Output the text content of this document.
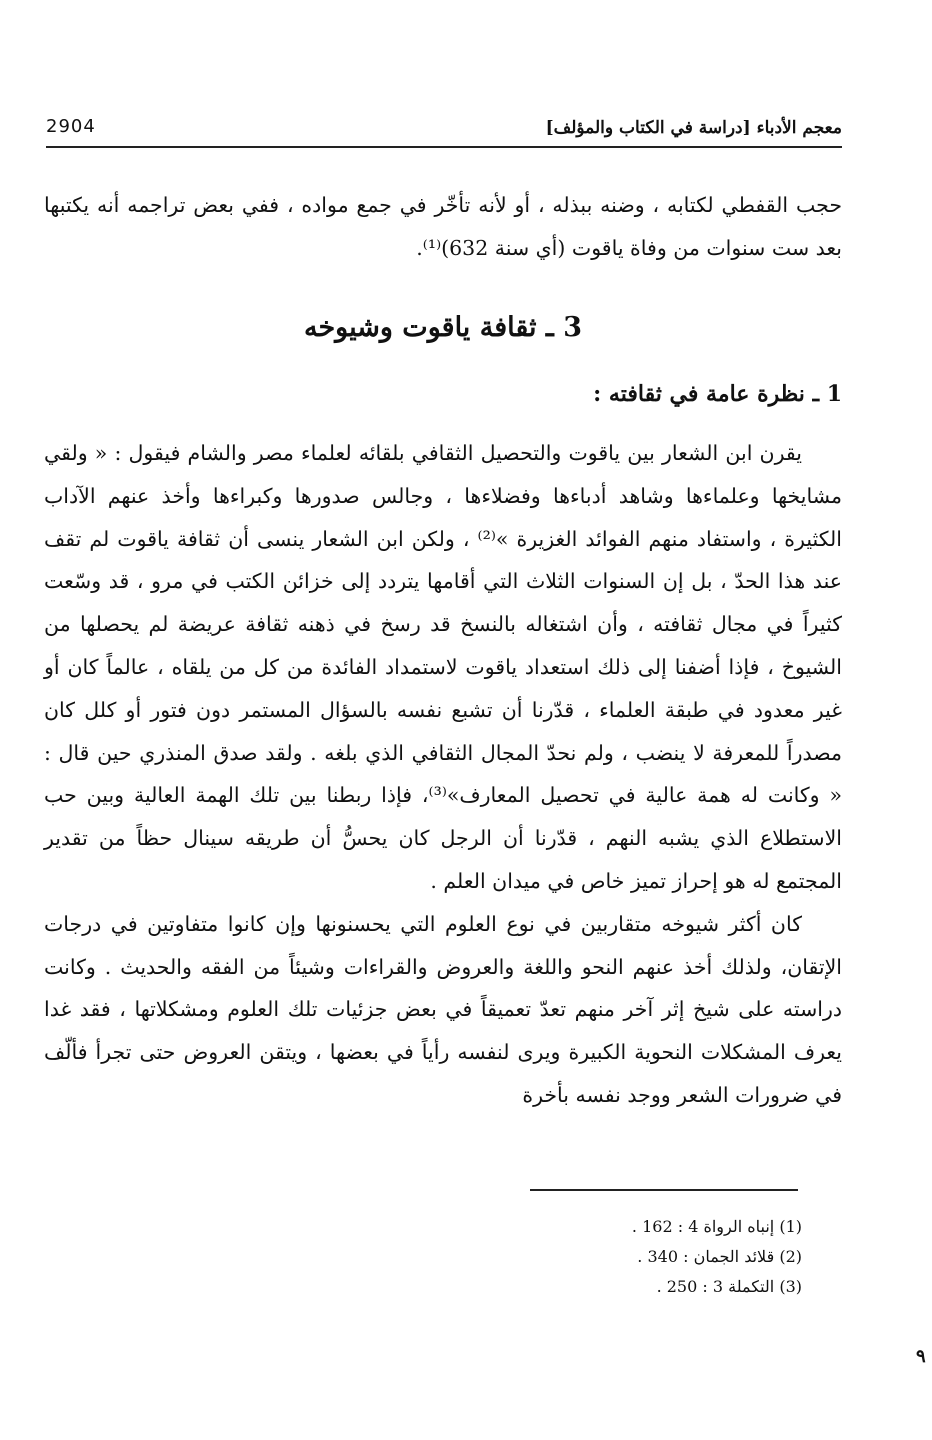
2904	معجم الأدباء [دراسة في الكتاب والمؤلف]

حجب القفطي لكتابه ، وضنه ببذله ، أو لأنه تأخّر في جمع مواده ، ففي بعض تراجمه أنه يكتبها بعد ست سنوات من وفاة ياقوت (أي سنة 632)⁽¹⁾.

3 ـ ثقافة ياقوت وشيوخه
1 ـ نظرة عامة في ثقافته :

يقرن ابن الشعار بين ياقوت والتحصيل الثقافي بلقائه لعلماء مصر والشام فيقول : « ولقي مشايخها وعلماءها وشاهد أدباءها وفضلاءها ، وجالس صدورها وكبراءها وأخذ عنهم الآداب الكثيرة ، واستفاد منهم الفوائد الغزيرة »⁽²⁾ ، ولكن ابن الشعار ينسى أن ثقافة ياقوت لم تقف عند هذا الحدّ ، بل إن السنوات الثلاث التي أقامها يتردد إلى خزائن الكتب في مرو ، قد وسّعت كثيراً في مجال ثقافته ، وأن اشتغاله بالنسخ قد رسخ في ذهنه ثقافة عريضة لم يحصلها من الشيوخ ، فإذا أضفنا إلى ذلك استعداد ياقوت لاستمداد الفائدة من كل من يلقاه ، عالماً كان أو غير معدود في طبقة العلماء ، قدّرنا أن تشبع نفسه بالسؤال المستمر دون فتور أو كلل كان مصدراً للمعرفة لا ينضب ، ولم نحدّ المجال الثقافي الذي بلغه . ولقد صدق المنذري حين قال : « وكانت له همة عالية في تحصيل المعارف»⁽³⁾، فإذا ربطنا بين تلك الهمة العالية وبين حب الاستطلاع الذي يشبه النهم ، قدّرنا أن الرجل كان يحسُّ أن طريقه سينال حظاً من تقدير المجتمع له هو إحراز تميز خاص في ميدان العلم .

كان أكثر شيوخه متقاربين في نوع العلوم التي يحسنونها وإن كانوا متفاوتين في درجات الإتقان، ولذلك أخذ عنهم النحو واللغة والعروض والقراءات وشيئاً من الفقه والحديث . وكانت دراسته على شيخ إثر آخر منهم تعدّ تعميقاً في بعض جزئيات تلك العلوم ومشكلاتها ، فقد غدا يعرف المشكلات النحوية الكبيرة ويرى لنفسه رأياً في بعضها ، ويتقن العروض حتى تجرأ فألّف في ضرورات الشعر ووجد نفسه بأخرة

(1) إنباه الرواة 4 : 162 .

(2) قلائد الجمان : 340 .

(3) التكملة 3 : 250 .

٩
